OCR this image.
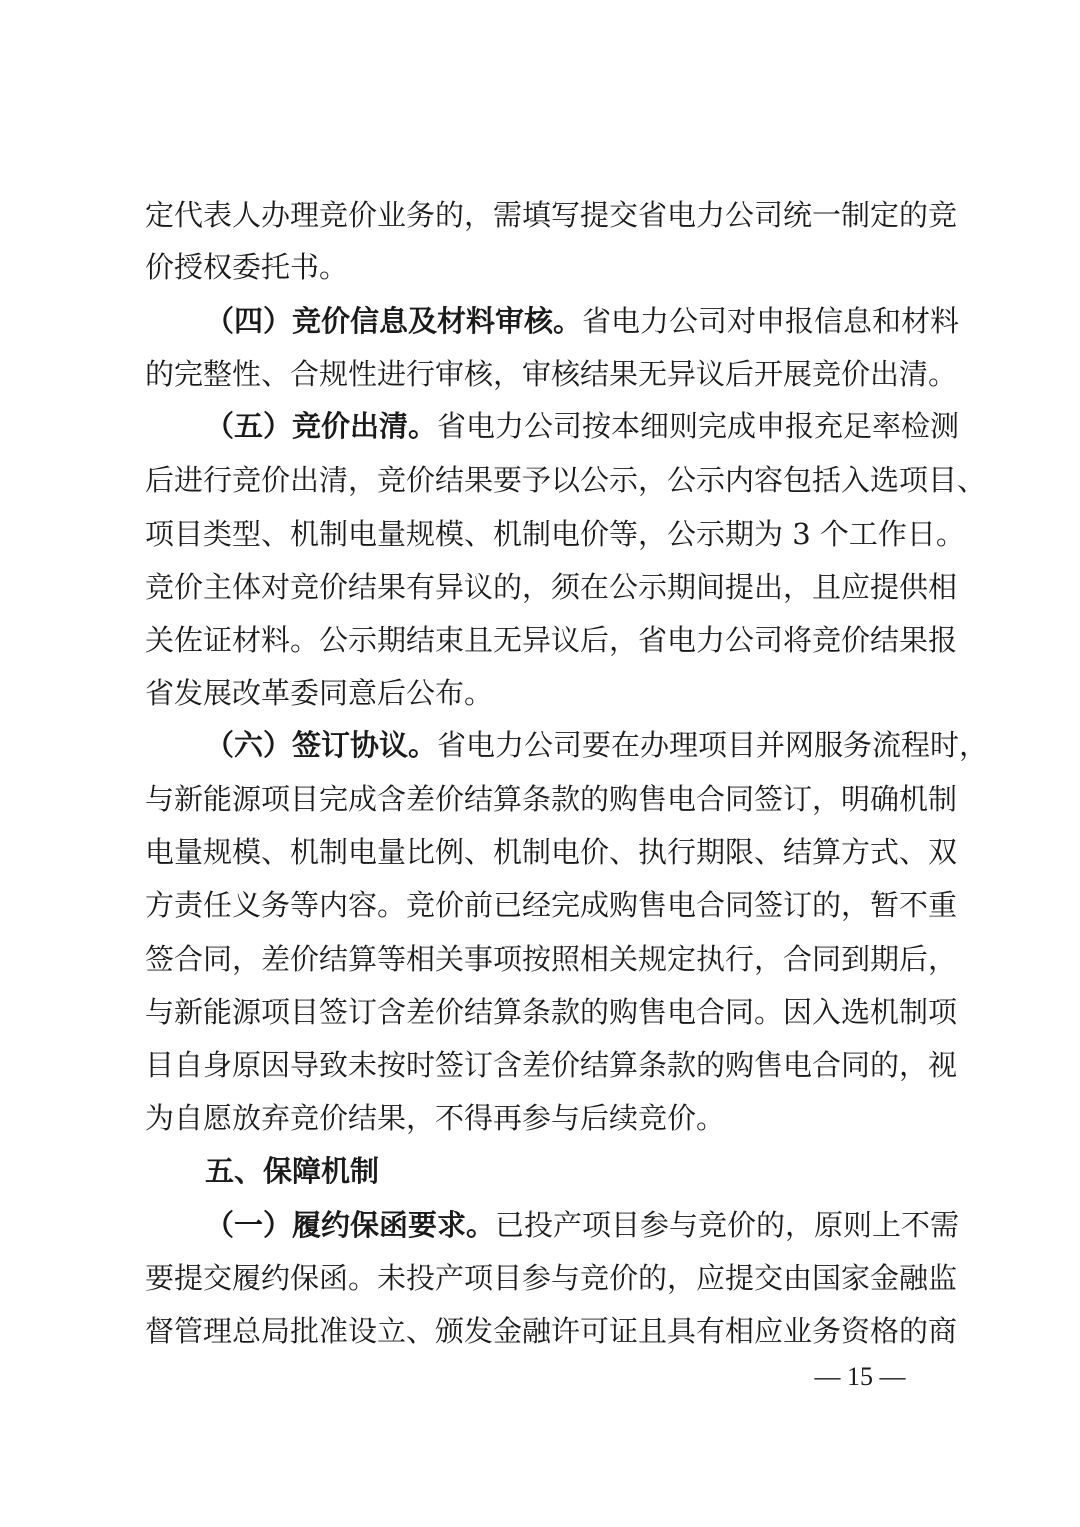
定代表人办理竞价业务的，需填写提交省电力公司统一制定的竞
价授权委托书。
（四）竞价信息及材料审核。省电力公司对申报信息和材料
的完整性、合规性进行审核，审核结果无异议后开展竞价出清。
（五）竞价出清。省电力公司按本细则完成申报充足率检测
后进行竞价出清，竞价结果要予以公示，公示内容包括入选项目、
项目类型、机制电量规模、机制电价等，公示期为 3 个工作日。
竞价主体对竞价结果有异议的，须在公示期间提出，且应提供相
关佐证材料。公示期结束且无异议后，省电力公司将竞价结果报
省发展改革委同意后公布。
（六）签订协议。省电力公司要在办理项目并网服务流程时，
与新能源项目完成含差价结算条款的购售电合同签订，明确机制
电量规模、机制电量比例、机制电价、执行期限、结算方式、双
方责任义务等内容。竞价前已经完成购售电合同签订的，暂不重
签合同，差价结算等相关事项按照相关规定执行，合同到期后，
与新能源项目签订含差价结算条款的购售电合同。因入选机制项
目自身原因导致未按时签订含差价结算条款的购售电合同的，视
为自愿放弃竞价结果，不得再参与后续竞价。
五、保障机制
（一）履约保函要求。已投产项目参与竞价的，原则上不需
要提交履约保函。未投产项目参与竞价的，应提交由国家金融监
督管理总局批准设立、颁发金融许可证且具有相应业务资格的商
— 15 —
